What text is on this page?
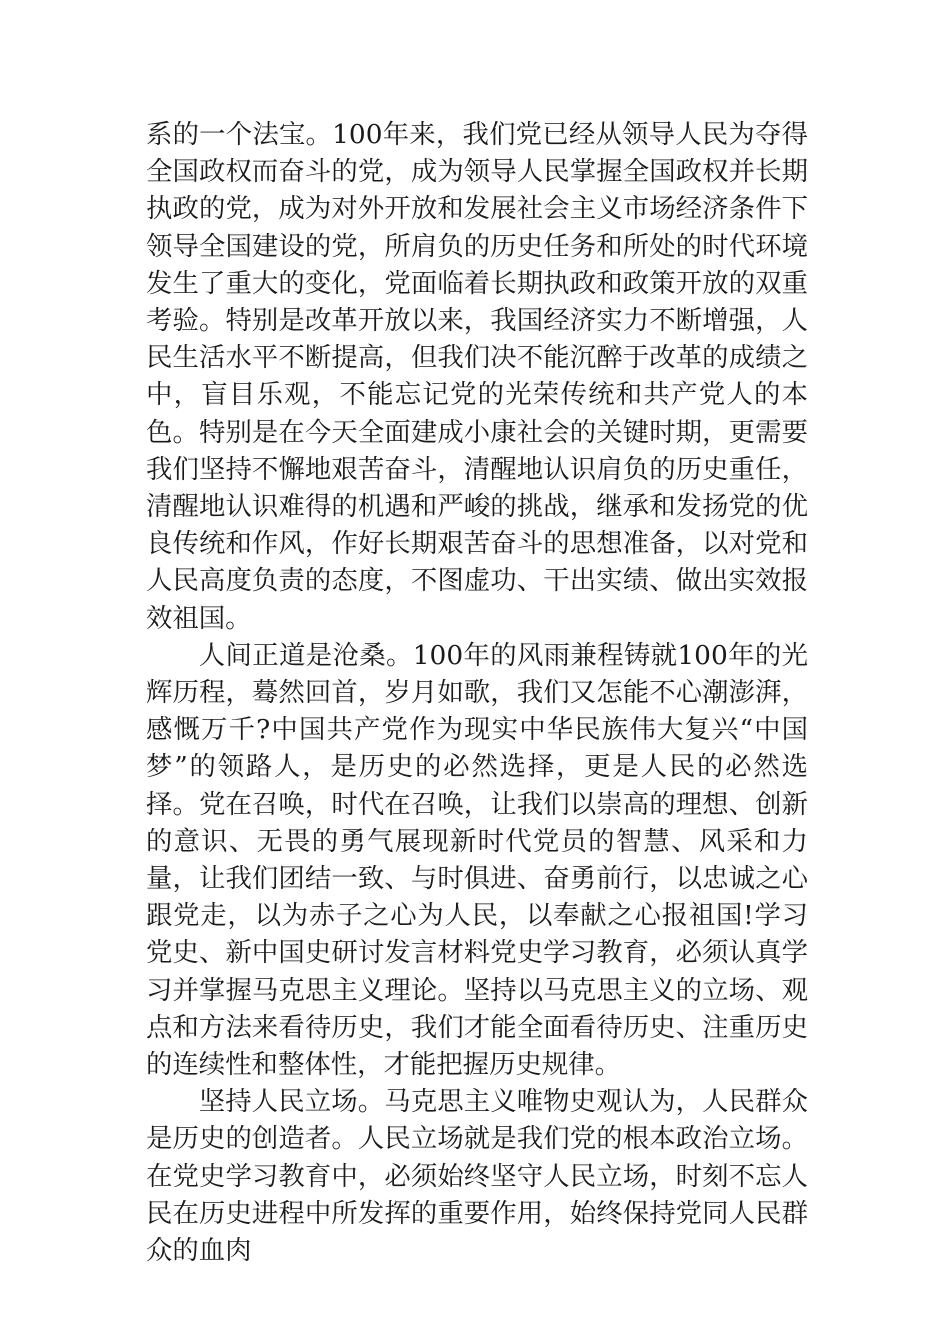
系的一个法宝。100年来，我们党已经从领导人民为夺得全国政权而奋斗的党，成为领导人民掌握全国政权并长期执政的党，成为对外开放和发展社会主义市场经济条件下领导全国建设的党，所肩负的历史任务和所处的时代环境发生了重大的变化，党面临着长期执政和政策开放的双重考验。特别是改革开放以来，我国经济实力不断增强，人民生活水平不断提高，但我们决不能沉醉于改革的成绩之中，盲目乐观，不能忘记党的光荣传统和共产党人的本色。特别是在今天全面建成小康社会的关键时期，更需要我们坚持不懈地艰苦奋斗，清醒地认识肩负的历史重任，清醒地认识难得的机遇和严峻的挑战，继承和发扬党的优良传统和作风，作好长期艰苦奋斗的思想准备，以对党和人民高度负责的态度，不图虚功、干出实绩、做出实效报效祖国。

人间正道是沧桑。100年的风雨兼程铸就100年的光辉历程，蓦然回首，岁月如歌，我们又怎能不心潮澎湃，感慨万千?中国共产党作为现实中华民族伟大复兴“中国梦”的领路人，是历史的必然选择，更是人民的必然选择。党在召唤，时代在召唤，让我们以崇高的理想、创新的意识、无畏的勇气展现新时代党员的智慧、风采和力量，让我们团结一致、与时俱进、奋勇前行，以忠诚之心跟党走，以为赤子之心为人民，以奉献之心报祖国!学习党史、新中国史研讨发言材料党史学习教育，必须认真学习并掌握马克思主义理论。坚持以马克思主义的立场、观点和方法来看待历史，我们才能全面看待历史、注重历史的连续性和整体性，才能把握历史规律。

坚持人民立场。马克思主义唯物史观认为，人民群众是历史的创造者。人民立场就是我们党的根本政治立场。在党史学习教育中，必须始终坚守人民立场，时刻不忘人民在历史进程中所发挥的重要作用，始终保持党同人民群众的血肉
